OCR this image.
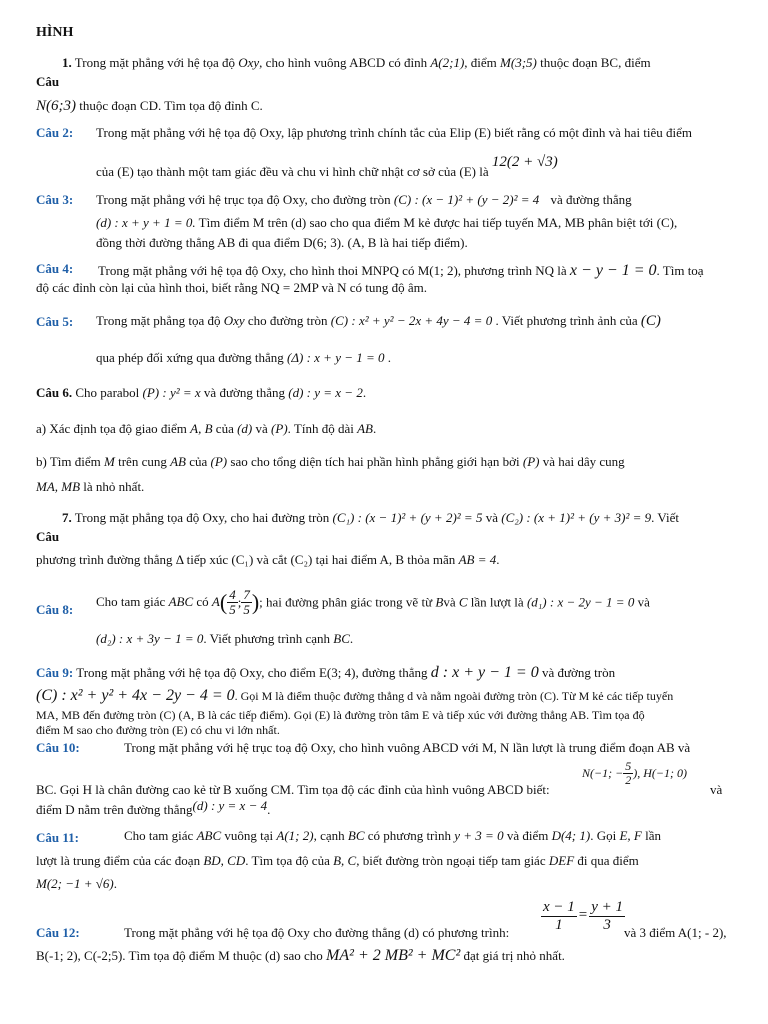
HÌNH
1. Trong mặt phẳng với hệ tọa độ Oxy, cho hình vuông ABCD có đỉnh A(2;1), điểm M(3;5) thuộc đoạn BC, điểm
Câu
N(6;3) thuộc đoạn CD. Tìm tọa độ đỉnh C.
Câu 2: Trong mặt phẳng với hệ tọa độ Oxy, lập phương trình chính tắc của Elip (E) biết rằng có một đỉnh và hai tiêu điểm
của (E) tạo thành một tam giác đều và chu vi hình chữ nhật cơ sở của (E) là 12(2 + √3)
Câu 3: Trong mặt phẳng với hệ trục tọa độ Oxy, cho đường tròn (C) : (x − 1)² + (y − 2)² = 4 và đường thẳng
(d) : x + y + 1 = 0. Tìm điểm M trên (d) sao cho qua điểm M kẻ được hai tiếp tuyến MA, MB phân biệt tới (C),
đồng thời đường thẳng AB đi qua điểm D(6; 3). (A, B là hai tiếp điểm).
Câu 4: Trong mặt phẳng với hệ tọa độ Oxy, cho hình thoi MNPQ có M(1; 2), phương trình NQ là x − y − 1 = 0. Tìm toạ
độ các đỉnh còn lại của hình thoi, biết rằng NQ = 2MP và N có tung độ âm.
Câu 5: Trong mặt phẳng tọa độ Oxy cho đường tròn (C) : x² + y² − 2x + 4y − 4 = 0 . Viết phương trình ảnh của (C)
qua phép đối xứng qua đường thẳng (Δ) : x + y − 1 = 0 .
Câu 6. Cho parabol (P) : y² = x và đường thẳng (d) : y = x − 2.
a) Xác định tọa độ giao điểm A, B của (d) và (P). Tính độ dài AB.
b) Tìm điểm M trên cung AB của (P) sao cho tổng diện tích hai phần hình phẳng giới hạn bởi (P) và hai dây cung
MA, MB là nhỏ nhất.
7. Trong mặt phẳng tọa độ Oxy, cho hai đường tròn (C₁) : (x − 1)² + (y + 2)² = 5 và (C₂) : (x + 1)² + (y + 3)² = 9. Viết
Câu
phương trình đường thẳng Δ tiếp xúc (C₁) và cắt (C₂) tại hai điểm A, B thỏa mãn AB = 4.
Câu 8:
Cho tam giác ABC có $A( \frac{4}{5}$ ; $\frac{7}{5}$ ); hai đường phân giác trong vẽ từ Bvà C lần lượt là (d₁) : x − 2y − 1 = 0 và
(d₂) : x + 3y − 1 = 0. Viết phương trình cạnh BC.
Câu 9: Trong mặt phẳng với hệ tọa độ Oxy, cho điểm E(3; 4), đường thẳng d : x + y − 1 = 0 và đường tròn
(C) : x² + y² + 4x − 2y − 4 = 0. Gọi M là điểm thuộc đường thẳng d và nằm ngoài đường tròn (C). Từ M kẻ các tiếp tuyến
MA, MB đến đường tròn (C) (A, B là các tiếp điểm). Gọi (E) là đường tròn tâm E và tiếp xúc với đường thẳng AB. Tìm tọa độ
điểm M sao cho đường tròn (E) có chu vi lớn nhất.
Câu 10:	Trong mặt phẳng với hệ trục toạ độ Oxy, cho hình vuông ABCD với M, N lần lượt là trung điểm đoạn AB và
BC. Gọi H là chân đường cao kẻ từ B xuống CM. Tìm tọa độ các đỉnh của hình vuông ABCD biết:
N(−1; − $\frac{5}{2}$ ), H(−1; 0)
và
điểm D nằm trên đường thẳng(d) : y = x − 4.
Câu 11:	Cho tam giác ABC vuông tại A(1; 2), cạnh BC có phương trình y + 3 = 0 và điểm D(4; 1). Gọi E, F lần
lượt là trung điểm của các đoạn BD, CD. Tìm tọa độ của B, C, biết đường tròn ngoại tiếp tam giác DEF đi qua điểm
M(2; −1 + √6).
Câu 12:	Trong mặt phẳng với hệ tọa độ Oxy cho đường thẳng (d) có phương trình: $\frac{x - 1}{1} = \frac{y + 1}{3}$
và 3 điểm A(1; - 2),
B(-1; 2), C(-2;5). Tìm tọa độ điểm M thuộc (d) sao cho MA² + 2 MB² + MC² đạt giá trị nhỏ nhất.
